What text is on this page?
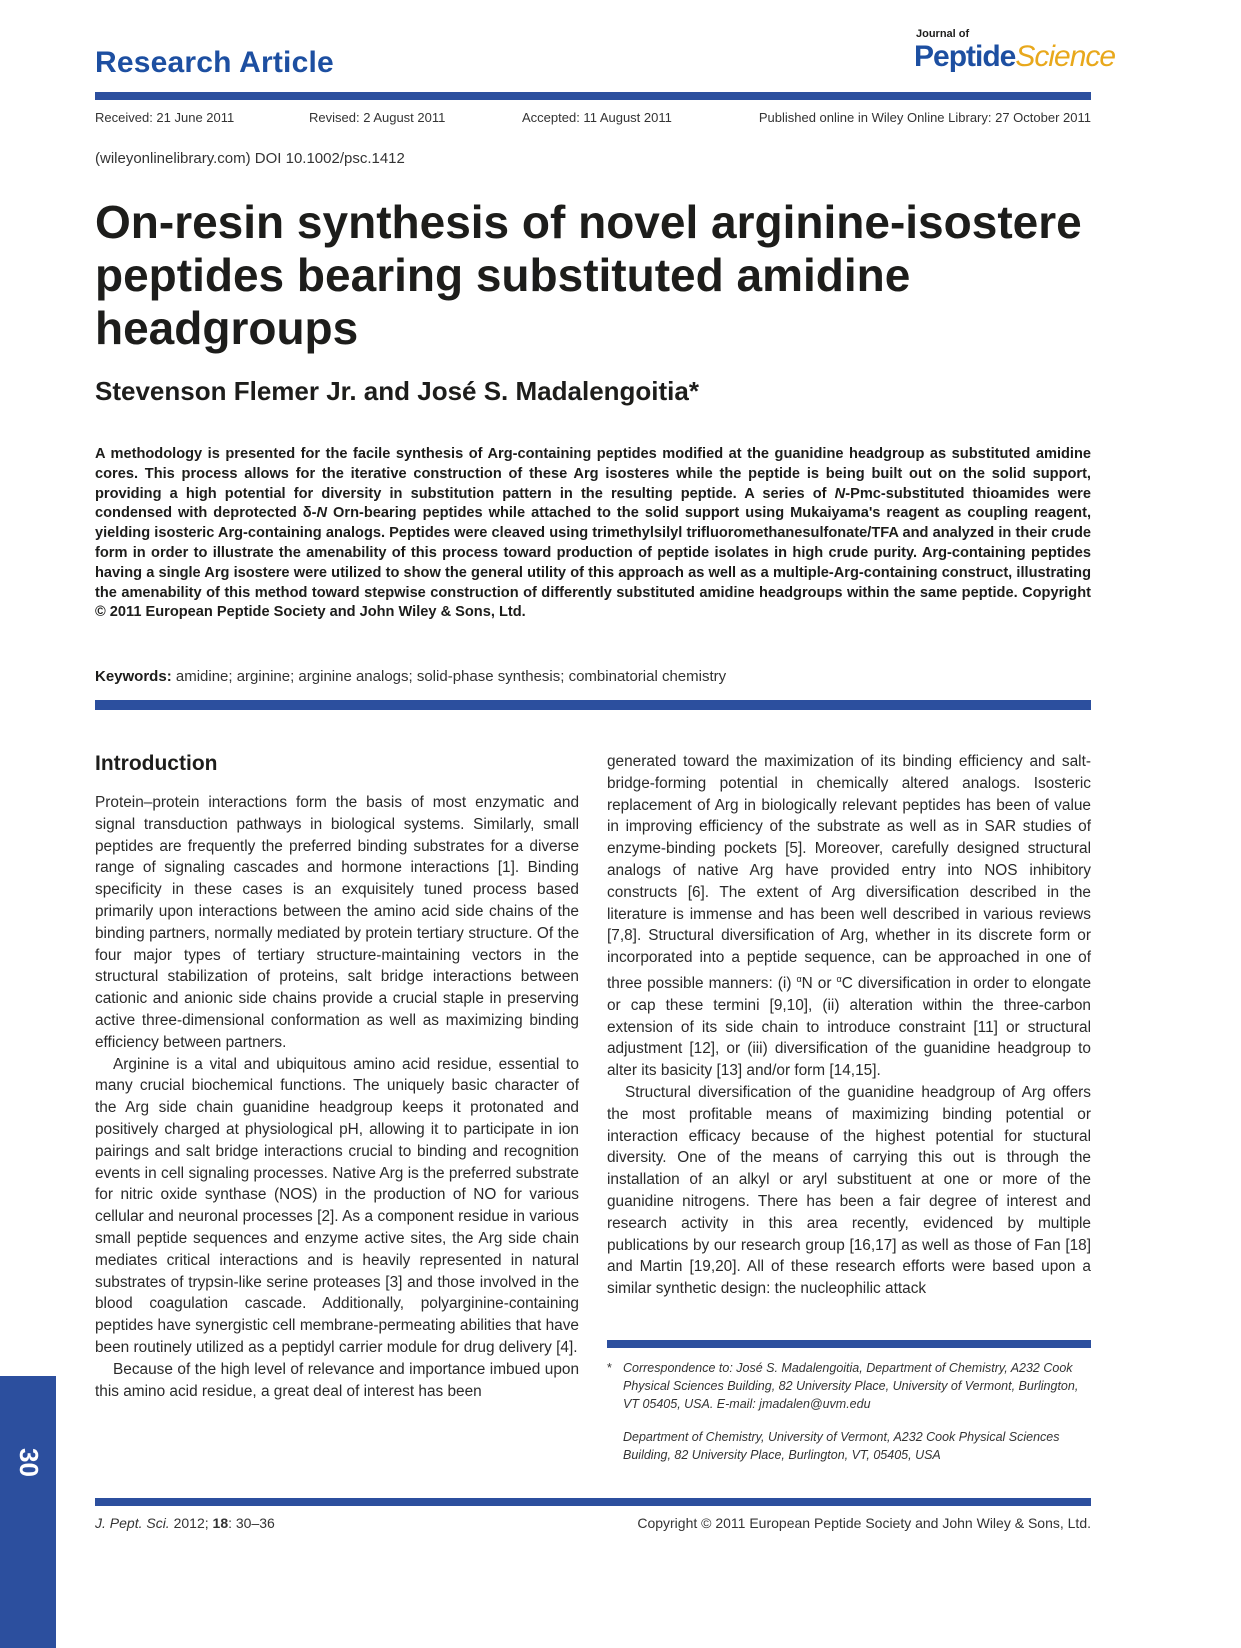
Research Article
Journal of
PeptideScience
Received: 21 June 2011	Revised: 2 August 2011	Accepted: 11 August 2011	Published online in Wiley Online Library: 27 October 2011
(wileyonlinelibrary.com) DOI 10.1002/psc.1412
On-resin synthesis of novel arginine-isostere peptides bearing substituted amidine headgroups
Stevenson Flemer Jr. and José S. Madalengoitia*
A methodology is presented for the facile synthesis of Arg-containing peptides modified at the guanidine headgroup as substituted amidine cores. This process allows for the iterative construction of these Arg isosteres while the peptide is being built out on the solid support, providing a high potential for diversity in substitution pattern in the resulting peptide. A series of N-Pmc-substituted thioamides were condensed with deprotected δ-N Orn-bearing peptides while attached to the solid support using Mukaiyama's reagent as coupling reagent, yielding isosteric Arg-containing analogs. Peptides were cleaved using trimethylsilyl trifluoromethanesulfonate/TFA and analyzed in their crude form in order to illustrate the amenability of this process toward production of peptide isolates in high crude purity. Arg-containing peptides having a single Arg isostere were utilized to show the general utility of this approach as well as a multiple-Arg-containing construct, illustrating the amenability of this method toward stepwise construction of differently substituted amidine headgroups within the same peptide. Copyright © 2011 European Peptide Society and John Wiley & Sons, Ltd.
Keywords: amidine; arginine; arginine analogs; solid-phase synthesis; combinatorial chemistry
Introduction

Protein–protein interactions form the basis of most enzymatic and signal transduction pathways in biological systems. Similarly, small peptides are frequently the preferred binding substrates for a diverse range of signaling cascades and hormone interactions [1]. Binding specificity in these cases is an exquisitely tuned process based primarily upon interactions between the amino acid side chains of the binding partners, normally mediated by protein tertiary structure. Of the four major types of tertiary structure-maintaining vectors in the structural stabilization of proteins, salt bridge interactions between cationic and anionic side chains provide a crucial staple in preserving active three-dimensional conformation as well as maximizing binding efficiency between partners.

Arginine is a vital and ubiquitous amino acid residue, essential to many crucial biochemical functions. The uniquely basic character of the Arg side chain guanidine headgroup keeps it protonated and positively charged at physiological pH, allowing it to participate in ion pairings and salt bridge interactions crucial to binding and recognition events in cell signaling processes. Native Arg is the preferred substrate for nitric oxide synthase (NOS) in the production of NO for various cellular and neuronal processes [2]. As a component residue in various small peptide sequences and enzyme active sites, the Arg side chain mediates critical interactions and is heavily represented in natural substrates of trypsin-like serine proteases [3] and those involved in the blood coagulation cascade. Additionally, polyarginine-containing peptides have synergistic cell membrane-permeating abilities that have been routinely utilized as a peptidyl carrier module for drug delivery [4].

Because of the high level of relevance and importance imbued upon this amino acid residue, a great deal of interest has been

generated toward the maximization of its binding efficiency and salt-bridge-forming potential in chemically altered analogs. Isosteric replacement of Arg in biologically relevant peptides has been of value in improving efficiency of the substrate as well as in SAR studies of enzyme-binding pockets [5]. Moreover, carefully designed structural analogs of native Arg have provided entry into NOS inhibitory constructs [6]. The extent of Arg diversification described in the literature is immense and has been well described in various reviews [7,8]. Structural diversification of Arg, whether in its discrete form or incorporated into a peptide sequence, can be approached in one of three possible manners: (i) $^\alpha$N or $^\alpha$C diversification in order to elongate or cap these termini [9,10], (ii) alteration within the three-carbon extension of its side chain to introduce constraint [11] or structural adjustment [12], or (iii) diversification of the guanidine headgroup to alter its basicity [13] and/or form [14,15].

Structural diversification of the guanidine headgroup of Arg offers the most profitable means of maximizing binding potential or interaction efficacy because of the highest potential for stuctural diversity. One of the means of carrying this out is through the installation of an alkyl or aryl substituent at one or more of the guanidine nitrogens. There has been a fair degree of interest and research activity in this area recently, evidenced by multiple publications by our research group [16,17] as well as those of Fan [18] and Martin [19,20]. All of these research efforts were based upon a similar synthetic design: the nucleophilic attack

* Correspondence to: José S. Madalengoitia, Department of Chemistry, A232 Cook Physical Sciences Building, 82 University Place, University of Vermont, Burlington, VT 05405, USA. E-mail: jmadalen@uvm.edu
Department of Chemistry, University of Vermont, A232 Cook Physical Sciences Building, 82 University Place, Burlington, VT, 05405, USA
J. Pept. Sci. 2012; 18: 30–36	Copyright © 2011 European Peptide Society and John Wiley & Sons, Ltd.
30
